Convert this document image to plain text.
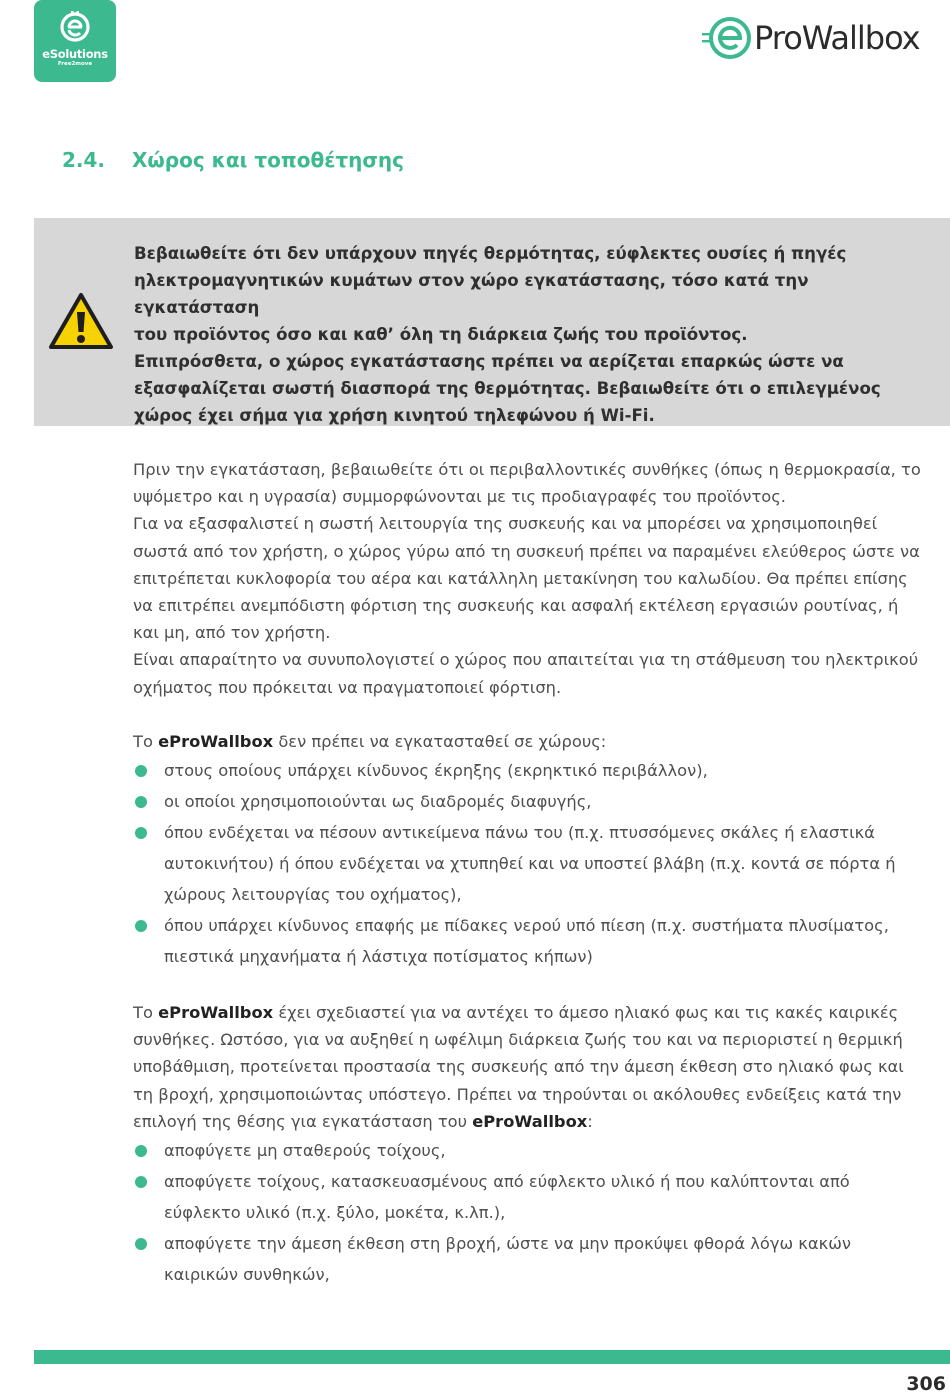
eSolutions
Free2move
ProWallbox
2.4.	Χώρος και τοποθέτησης

Βεβαιωθείτε ότι δεν υπάρχουν πηγές θερμότητας, εύφλεκτες ουσίες ή πηγές

ηλεκτρομαγνητικών κυμάτων στον χώρο εγκατάστασης, τόσο κατά την εγκατάσταση

του προϊόντος όσο και καθ’ όλη τη διάρκεια ζωής του προϊόντος.

Επιπρόσθετα, ο χώρος εγκατάστασης πρέπει να αερίζεται επαρκώς ώστε να

εξασφαλίζεται σωστή διασπορά της θερμότητας. Βεβαιωθείτε ότι ο επιλεγμένος

χώρος έχει σήμα για χρήση κινητού τηλεφώνου ή Wi-Fi.

Πριν την εγκατάσταση, βεβαιωθείτε ότι οι περιβαλλοντικές συνθήκες (όπως η θερμοκρασία, το

υψόμετρο και η υγρασία) συμμορφώνονται με τις προδιαγραφές του προϊόντος.

Για να εξασφαλιστεί η σωστή λειτουργία της συσκευής και να μπορέσει να χρησιμοποιηθεί

σωστά από τον χρήστη, ο χώρος γύρω από τη συσκευή πρέπει να παραμένει ελεύθερος ώστε να

επιτρέπεται κυκλοφορία του αέρα και κατάλληλη μετακίνηση του καλωδίου. Θα πρέπει επίσης

να επιτρέπει ανεμπόδιστη φόρτιση της συσκευής και ασφαλή εκτέλεση εργασιών ρουτίνας, ή

και μη, από τον χρήστη.

Είναι απαραίτητο να συνυπολογιστεί ο χώρος που απαιτείται για τη στάθμευση του ηλεκτρικού

οχήματος που πρόκειται να πραγματοποιεί φόρτιση.

Το eProWallbox δεν πρέπει να εγκατασταθεί σε χώρους:

στους οποίους υπάρχει κίνδυνος έκρηξης (εκρηκτικό περιβάλλον),
οι οποίοι χρησιμοποιούνται ως διαδρομές διαφυγής,
όπου ενδέχεται να πέσουν αντικείμενα πάνω του (π.χ. πτυσσόμενες σκάλες ή ελαστικά
αυτοκινήτου) ή όπου ενδέχεται να χτυπηθεί και να υποστεί βλάβη (π.χ. κοντά σε πόρτα ή
χώρους λειτουργίας του οχήματος),
όπου υπάρχει κίνδυνος επαφής με πίδακες νερού υπό πίεση (π.χ. συστήματα πλυσίματος,
πιεστικά μηχανήματα ή λάστιχα ποτίσματος κήπων)

Το eProWallbox έχει σχεδιαστεί για να αντέχει το άμεσο ηλιακό φως και τις κακές καιρικές

συνθήκες. Ωστόσο, για να αυξηθεί η ωφέλιμη διάρκεια ζωής του και να περιοριστεί η θερμική

υποβάθμιση, προτείνεται προστασία της συσκευής από την άμεση έκθεση στο ηλιακό φως και

τη βροχή, χρησιμοποιώντας υπόστεγο. Πρέπει να τηρούνται οι ακόλουθες ενδείξεις κατά την

επιλογή της θέσης για εγκατάσταση του eProWallbox:

αποφύγετε μη σταθερούς τοίχους,
αποφύγετε τοίχους, κατασκευασμένους από εύφλεκτο υλικό ή που καλύπτονται από
εύφλεκτο υλικό (π.χ. ξύλο, μοκέτα, κ.λπ.),
αποφύγετε την άμεση έκθεση στη βροχή, ώστε να μην προκύψει φθορά λόγω κακών
καιρικών συνθηκών,
306
